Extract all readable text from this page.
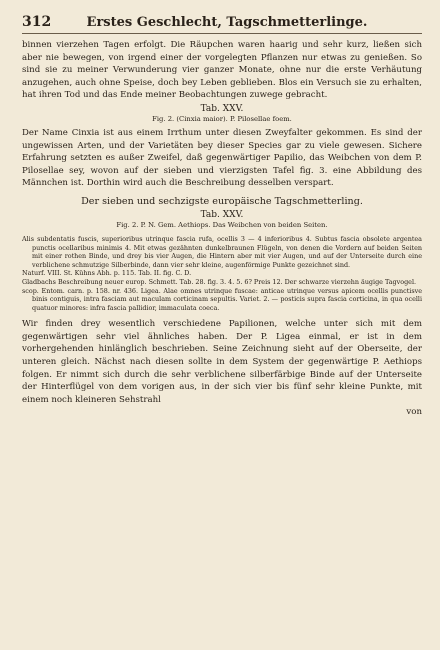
312	Erstes Geschlecht, Tagschmetterlinge.

binnen vierzehen Tagen erfolgt. Die Räupchen waren haarig und sehr kurz, ließen sich aber nie bewegen, von irgend einer der vorgelegten Pflanzen nur etwas zu genießen. So sind sie zu meiner Verwunderung vier ganzer Monate, ohne nur die erste Verhäutung anzugehen, auch ohne Speise, doch bey Leben geblieben. Blos ein Versuch sie zu erhalten, hat ihren Tod und das Ende meiner Beobachtungen zuwege gebracht.

Tab. XXV.
Fig. 2. (Cinxia maior). P. Pilosellae foem.

Der Name Cinxia ist aus einem Irrthum unter diesen Zweyfalter gekommen. Es sind der ungewissen Arten, und der Varietäten bey dieser Species gar zu viele gewesen. Sichere Erfahrung setzten es außer Zweifel, daß gegenwärtiger Papilio, das Weibchen von dem P. Pilosellae sey, wovon auf der sieben und vierzigsten Tafel fig. 3. eine Abbildung des Männchen ist. Dorthin wird auch die Beschreibung desselben verspart.

Der sieben und sechzigste europäische Tagschmetterling.
Tab. XXV.
Fig. 2. P. N. Gem. Aethiops. Das Weibchen von beiden Seiten.

Alis subdentatis fuscis, superioribus utrinque fascia rufa, ocellis 3 — 4 inferioribus 4. Subtus fascia obsolete argentea punctis ocellaribus minimis 4. Mit etwas gezähnten dunkelbraunen Flügeln, von denen die Vordern auf beiden Seiten mit einer rothen Binde, und drey bis vier Augen, die Hintern aber mit vier Augen, und auf der Unterseite durch eine verblichene schmutzige Silberbinde, dann vier sehr kleine, augenförmige Punkte gezeichnet sind.

Naturf. VIII. St. Kühns Abh. p. 115. Tab. II. fig. C. D.

Gladbachs Beschreibung neuer europ. Schmett. Tab. 28. fig. 3. 4. 5. 6? Preis 12. Der schwarze vierzehn äugige Tagvogel.

scop. Entom. carn. p. 158. nr. 436. Ligea. Alae omnes utrinque fuscae: anticae utrinque versus apicem ocellis punctisve binis contiguis, intra fasciam aut maculam corticinam sepultis. Variet. 2. — posticis supra fascia corticina, in qua ocelli quatuor minores: infra fascia pallidior, immaculata coeca.

Wir finden drey wesentlich verschiedene Papilionen, welche unter sich mit dem gegenwärtigen sehr viel ähnliches haben. Der P. Ligea einmal, er ist in dem vorhergehenden hinlänglich beschrieben. Seine Zeichnung sieht auf der Oberseite, der unteren gleich. Nächst nach diesen sollte in dem System der gegenwärtige P. Aethiops folgen. Er nimmt sich durch die sehr verblichene silberfärbige Binde auf der Unterseite der Hinterflügel von dem vorigen aus, in der sich vier bis fünf sehr kleine Punkte, mit einem noch kleineren Sehstrahl

von
